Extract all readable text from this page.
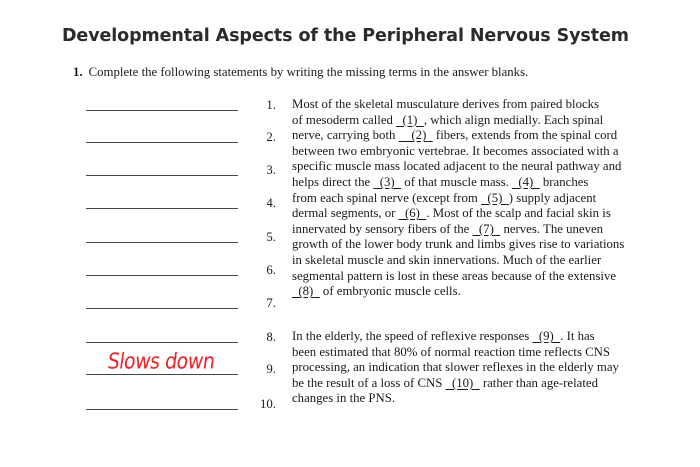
Developmental Aspects of the Peripheral Nervous System
1. Complete the following statements by writing the missing terms in the answer blanks.
1.
2.
3.
4.
5.
6.
7.
8.
Slows down	9.
10.
Most of the skeletal musculature derives from paired blocks
of mesoderm called  (1) , which align medially. Each spinal
nerve, carrying both   (2)  fibers, extends from the spinal cord
between two embryonic vertebrae. It becomes associated with a
specific muscle mass located adjacent to the neural pathway and
helps direct the  (3)  of that muscle mass.  (4)  branches
from each spinal nerve (except from  (5) ) supply adjacent
dermal segments, or  (6) . Most of the scalp and facial skin is
innervated by sensory fibers of the  (7)  nerves. The uneven
growth of the lower body trunk and limbs gives rise to variations
in skeletal muscle and skin innervations. Much of the earlier
segmental pattern is lost in these areas because of the extensive
 (8)  of embryonic muscle cells.
In the elderly, the speed of reflexive responses  (9) . It has
been estimated that 80% of normal reaction time reflects CNS
processing, an indication that slower reflexes in the elderly may
be the result of a loss of CNS  (10)  rather than age-related
changes in the PNS.
